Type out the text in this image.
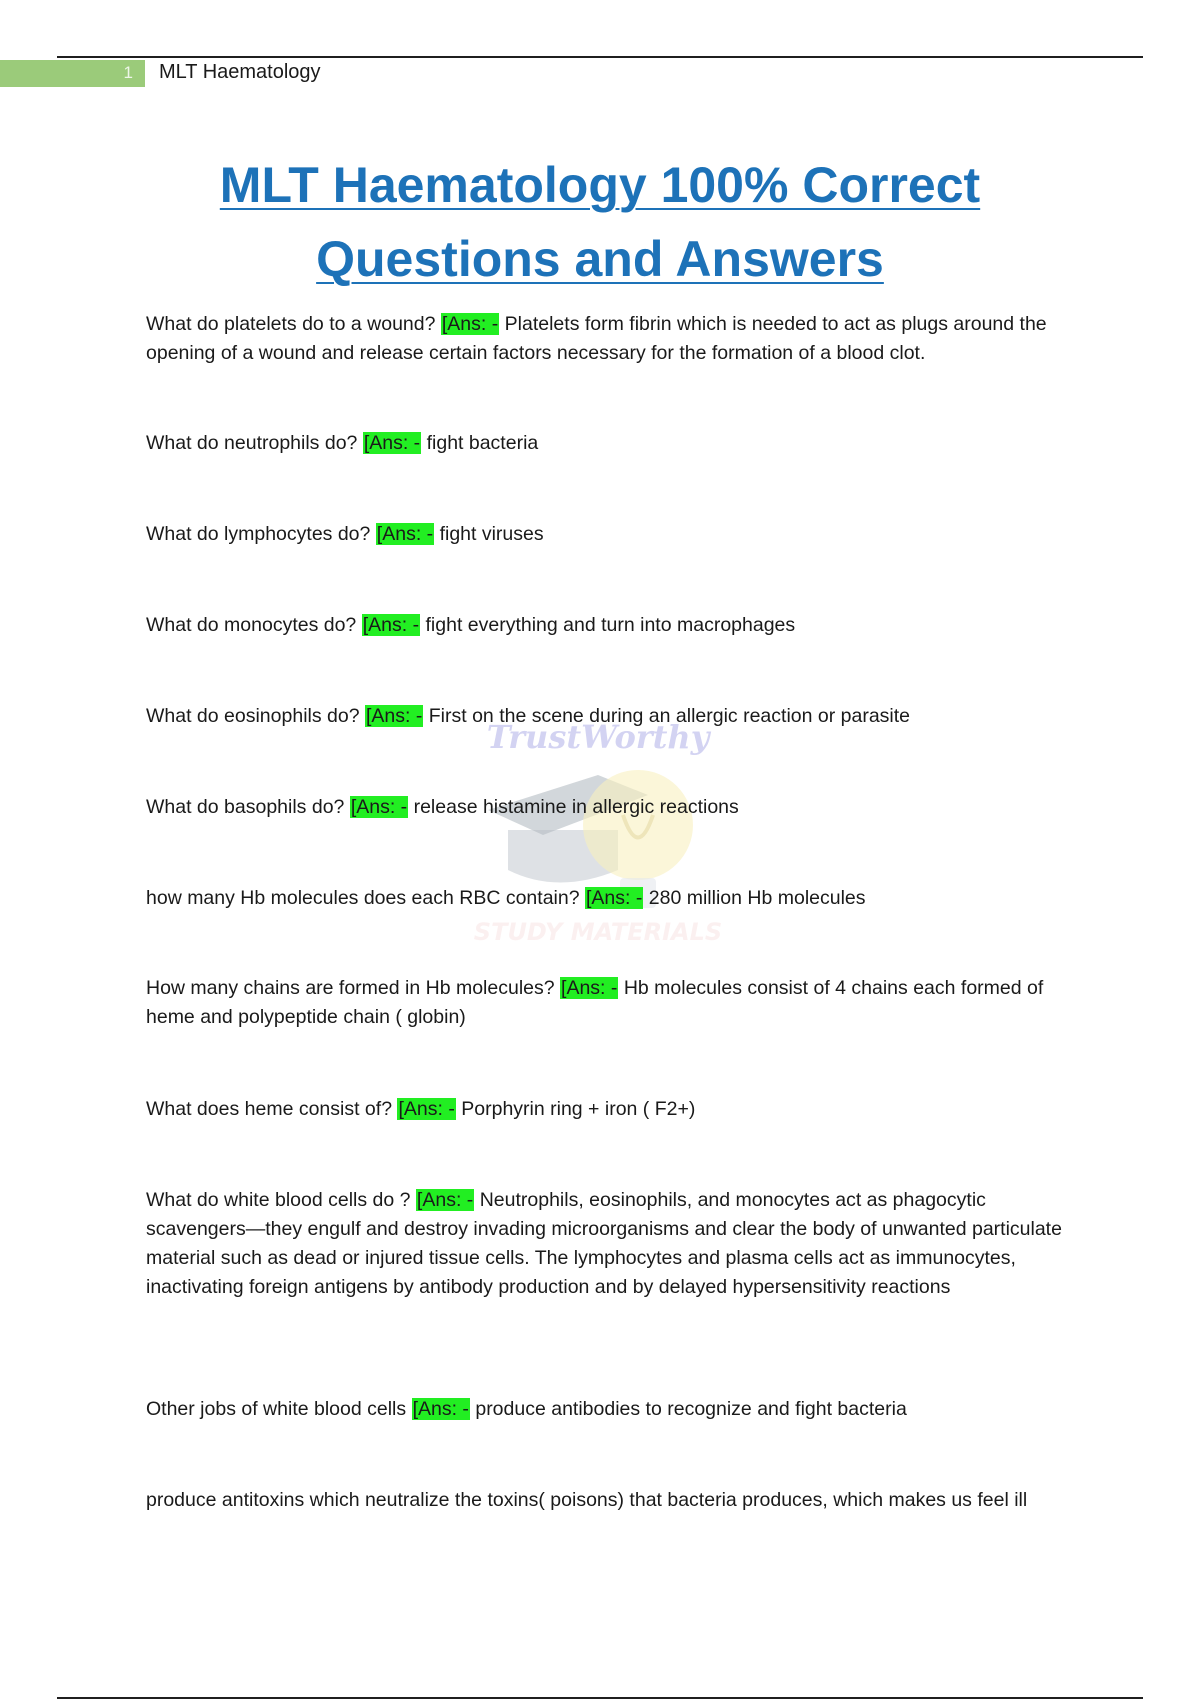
1 MLT Haematology
MLT Haematology 100% Correct
Questions and Answers
TrustWorthy
STUDY MATERIALS
What do platelets do to a wound? [Ans: - Platelets form fibrin which is needed to act as plugs around the opening of a wound and release certain factors necessary for the formation of a blood clot.
What do neutrophils do? [Ans: - fight bacteria
What do lymphocytes do? [Ans: - fight viruses
What do monocytes do? [Ans: - fight everything and turn into macrophages
What do eosinophils do? [Ans: - First on the scene during an allergic reaction or parasite
What do basophils do? [Ans: - release histamine in allergic reactions
how many Hb molecules does each RBC contain? [Ans: - 280 million Hb molecules
How many chains are formed in Hb molecules? [Ans: - Hb molecules consist of 4 chains each formed of heme and polypeptide chain ( globin)
What does heme consist of? [Ans: - Porphyrin ring + iron ( F2+)
What do white blood cells do ? [Ans: - Neutrophils, eosinophils, and monocytes act as phagocytic scavengers—they engulf and destroy invading microorganisms and clear the body of unwanted particulate material such as dead or injured tissue cells. The lymphocytes and plasma cells act as immunocytes, inactivating foreign antigens by antibody production and by delayed hypersensitivity reactions
Other jobs of white blood cells [Ans: - produce antibodies to recognize and fight bacteria
produce antitoxins which neutralize the toxins( poisons) that bacteria produces, which makes us feel ill
